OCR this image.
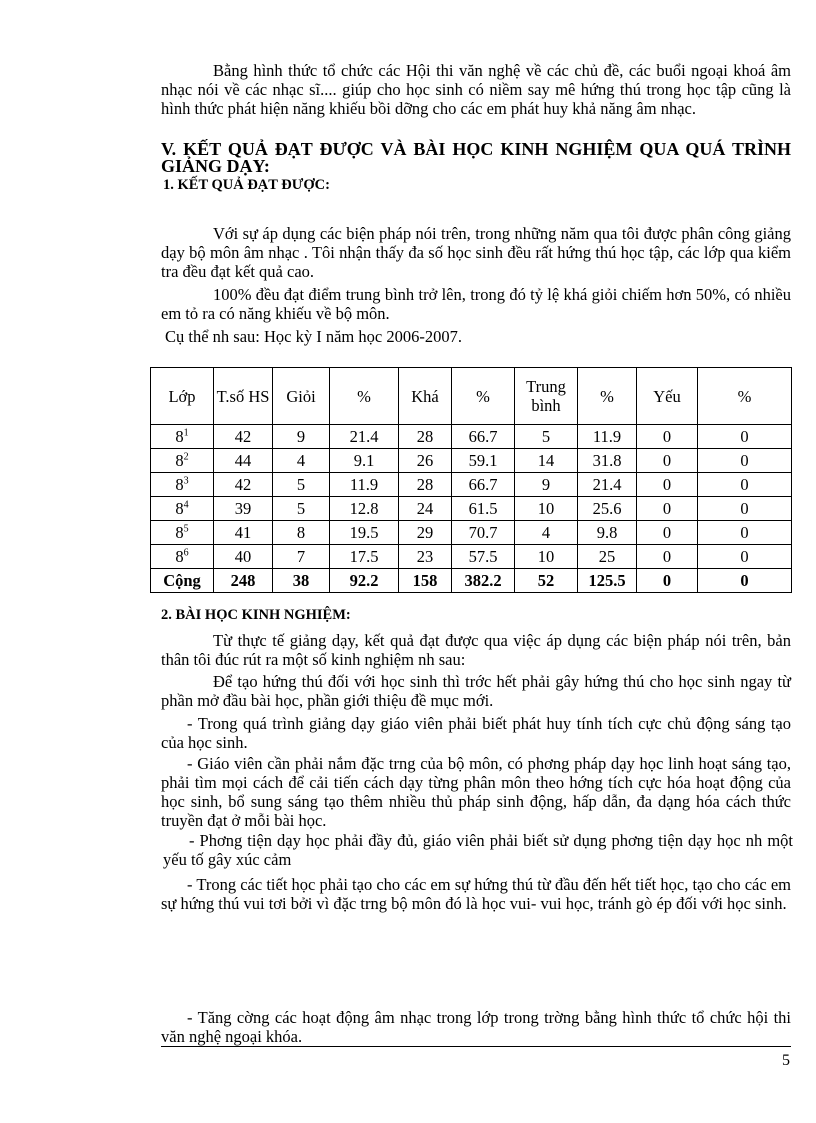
Bằng hình thức tổ chức các Hội thi văn nghệ về các chủ đề, các buổi ngoại khoá âm nhạc nói về các nhạc sĩ.... giúp cho học sinh có niềm say mê hứng thú trong học tập cũng là hình thức phát hiện năng khiếu bồi dỡng cho các em phát huy khả năng âm nhạc.

V. KẾT QUẢ ĐẠT ĐƯỢC VÀ BÀI HỌC KINH NGHIỆM QUA QUÁ TRÌNH GIẢNG DẠY:

1. KẾT QUẢ ĐẠT ĐƯỢC:

Với sự áp dụng các biện pháp nói trên, trong những năm qua tôi được phân công giảng dạy bộ môn âm nhạc . Tôi nhận thấy đa số học sinh đều rất hứng thú học tập, các lớp qua kiểm tra đều đạt kết quả cao.

100% đều đạt điểm trung bình trở lên, trong đó tỷ lệ khá giỏi chiếm hơn 50%, có nhiều em tỏ ra có năng khiếu về bộ môn.

Cụ thể nh sau: Học kỳ I năm học 2006-2007.

Lớp	T.số HS	Giỏi	%	Khá	%	Trung bình	%	Yếu	%
$8^1$	42	9	21.4	28	66.7	5	11.9	0	0
$8^2$	44	4	9.1	26	59.1	14	31.8	0	0
$8^3$	42	5	11.9	28	66.7	9	21.4	0	0
$8^4$	39	5	12.8	24	61.5	10	25.6	0	0
$8^5$	41	8	19.5	29	70.7	4	9.8	0	0
$8^6$	40	7	17.5	23	57.5	10	25	0	0
Cộng	248	38	92.2	158	382.2	52	125.5	0	0

2. BÀI HỌC KINH NGHIỆM:

Từ thực tế giảng dạy, kết quả đạt được qua việc áp dụng các biện pháp nói trên, bản thân tôi đúc rút ra một số kinh nghiệm nh sau:

Để tạo hứng thú đối với học sinh thì trớc hết phải gây hứng thú cho học sinh ngay từ phần mở đầu bài học, phần giới thiệu đề mục mới.

- Trong quá trình giảng dạy giáo viên phải biết phát huy tính tích cực chủ động sáng tạo của học sinh.

- Giáo viên cần phải nắm đặc trng của bộ môn, có phơng pháp dạy học linh hoạt sáng tạo, phải tìm mọi cách để cải tiến cách dạy từng phân môn theo hớng tích cực hóa hoạt động của học sinh, bổ sung sáng tạo thêm nhiều thủ pháp sinh động, hấp dẫn, đa dạng hóa cách thức truyền đạt ở mỗi bài học.

- Phơng tiện dạy học phải đầy đủ, giáo viên phải biết sử dụng phơng tiện dạy học nh một yếu tố gây xúc cảm

- Trong các tiết học phải tạo cho các em sự hứng thú từ đầu đến hết tiết học, tạo cho các em sự hứng thú vui tơi bởi vì đặc trng bộ môn đó là học vui- vui học, tránh gò ép đối với học sinh.

- Tăng cờng các hoạt động âm nhạc trong lớp trong trờng bằng hình thức tổ chức hội thi văn nghệ ngoại khóa.

5
